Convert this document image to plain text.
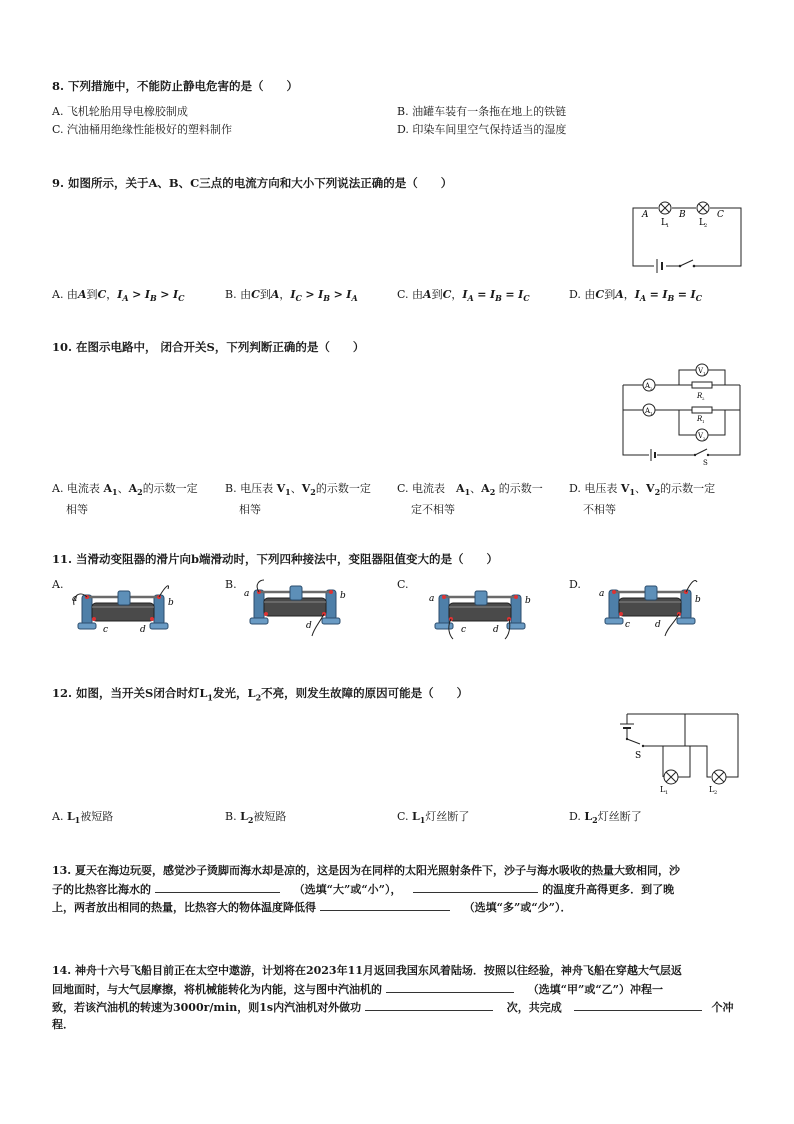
8. 下列措施中，不能防止静电危害的是（　　）
A. 飞机轮胎用导电橡胶制成	B. 油罐车装有一条拖在地上的铁链
C. 汽油桶用绝缘性能极好的塑料制作	D. 印染车间里空气保持适当的湿度
9. 如图所示，关于A、B、C三点的电流方向和大小下列说法正确的是（　　）
A	B	C
L 1	L 2
A. 由A到C，$I_A > I_B > I_C$	B. 由C到A，$I_C > I_B > I_A$	C. 由A到C，$I_A = I_B = I_C$	D. 由C到A，$I_A = I_B = I_C$
10. 在图示电路中， 闭合开关S，下列判断正确的是（　　）
A 2
A 1
V 1
R 2
V 2
R 1
S
A. 电流表 $A_1$、$A_2$的示数一定
相等
B. 电压表 $V_1$、$V_2$的示数一定
相等
C. 电流表　$A_1$、$A_2$ 的示数一
定不相等
D. 电压表 $V_1$、$V_2$的示数一定
不相等
11. 当滑动变阻器的滑片向b端滑动时，下列四种接法中，变阻器阻值变大的是（　　）
A.	B.	C.	D.
a	b
c	d
a	b
d
a	b
c	d
a
b
c	d
12. 如图，当开关S闭合时灯$L_1$发光，$L_2$不亮，则发生故障的原因可能是（　　）
S
L 1	L 2
A. $L_1$被短路	B. $L_2$被短路	C. $L_1$灯丝断了	D. $L_2$灯丝断了
13. 夏天在海边玩耍，感觉沙子烫脚而海水却是凉的，这是因为在同样的太阳光照射条件下，沙子与海水吸收的热量大致相同，沙
子的比热容比海水的	（选填“大”或“小”），	的温度升高得更多．到了晚
上，两者放出相同的热量，比热容大的物体温度降低得	（选填“多”或“少”）．
14. 神舟十六号飞船目前正在太空中遨游，计划将在2023年11月返回我国东风着陆场．按照以往经验，神舟飞船在穿越大气层返
回地面时，与大气层摩擦，将机械能转化为内能，这与图中汽油机的	（选填“甲”或“乙”）冲程一
致，若该汽油机的转速为3000r/min，则1s内汽油机对外做功	次，共完成	个冲
程．
